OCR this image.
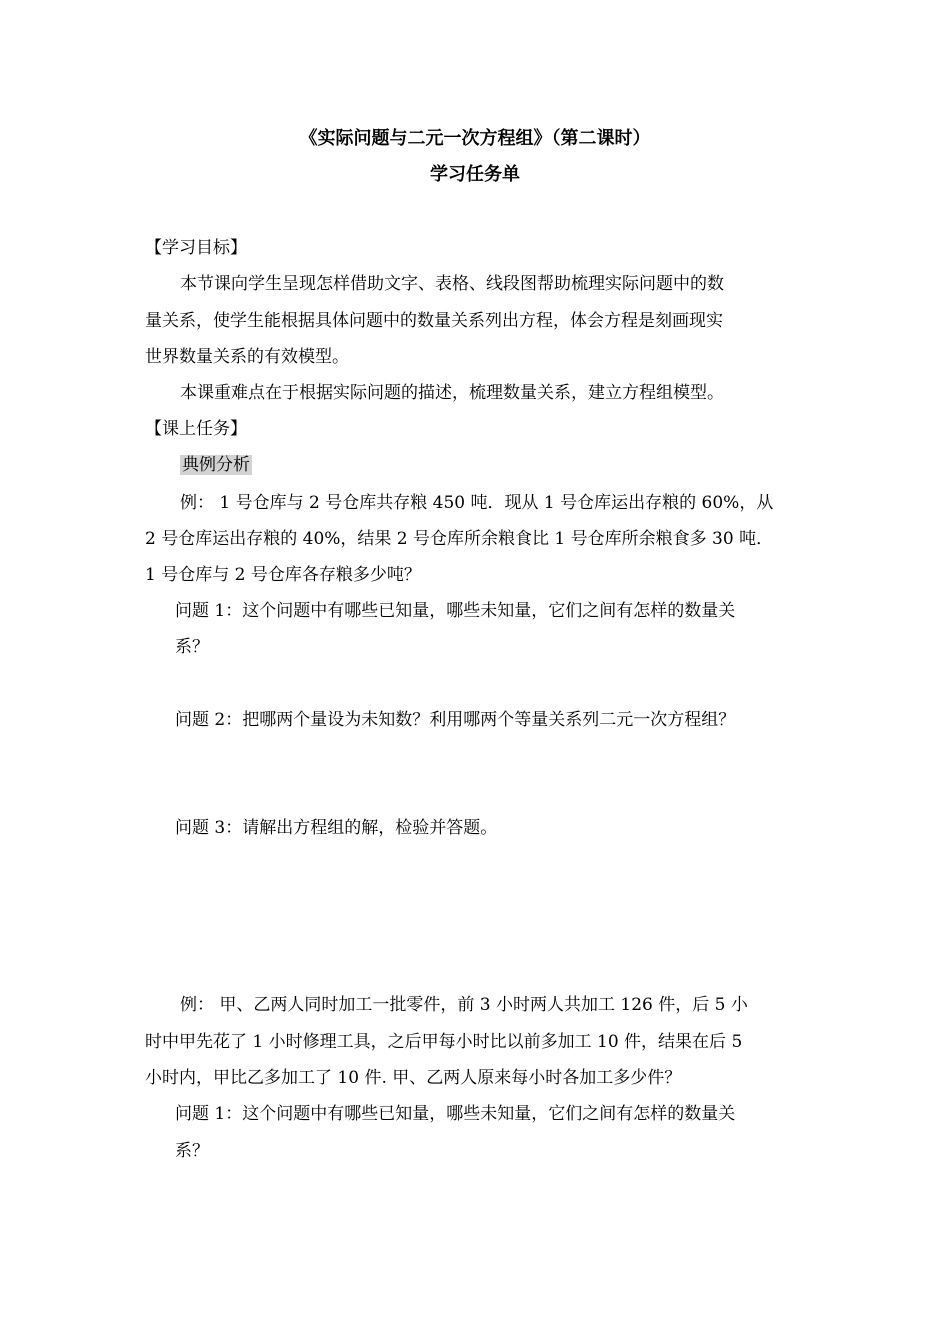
《实际问题与二元一次方程组》（第二课时）
学习任务单
【学习目标】
本节课向学生呈现怎样借助文字、表格、线段图帮助梳理实际问题中的数
量关系，使学生能根据具体问题中的数量关系列出方程，体会方程是刻画现实
世界数量关系的有效模型。
本课重难点在于根据实际问题的描述，梳理数量关系，建立方程组模型。
【课上任务】
典例分析
例： 1 号仓库与 2 号仓库共存粮 450 吨．现从 1 号仓库运出存粮的 60%，从
2 号仓库运出存粮的 40%，结果 2 号仓库所余粮食比 1 号仓库所余粮食多 30 吨．
1 号仓库与 2 号仓库各存粮多少吨？
问题 1：这个问题中有哪些已知量，哪些未知量，它们之间有怎样的数量关
系？
问题 2：把哪两个量设为未知数？利用哪两个等量关系列二元一次方程组？
问题 3：请解出方程组的解，检验并答题。
例： 甲、乙两人同时加工一批零件，前 3 小时两人共加工 126 件，后 5 小
时中甲先花了 1 小时修理工具，之后甲每小时比以前多加工 10 件，结果在后 5
小时内，甲比乙多加工了 10 件. 甲、乙两人原来每小时各加工多少件？
问题 1：这个问题中有哪些已知量，哪些未知量，它们之间有怎样的数量关
系？
